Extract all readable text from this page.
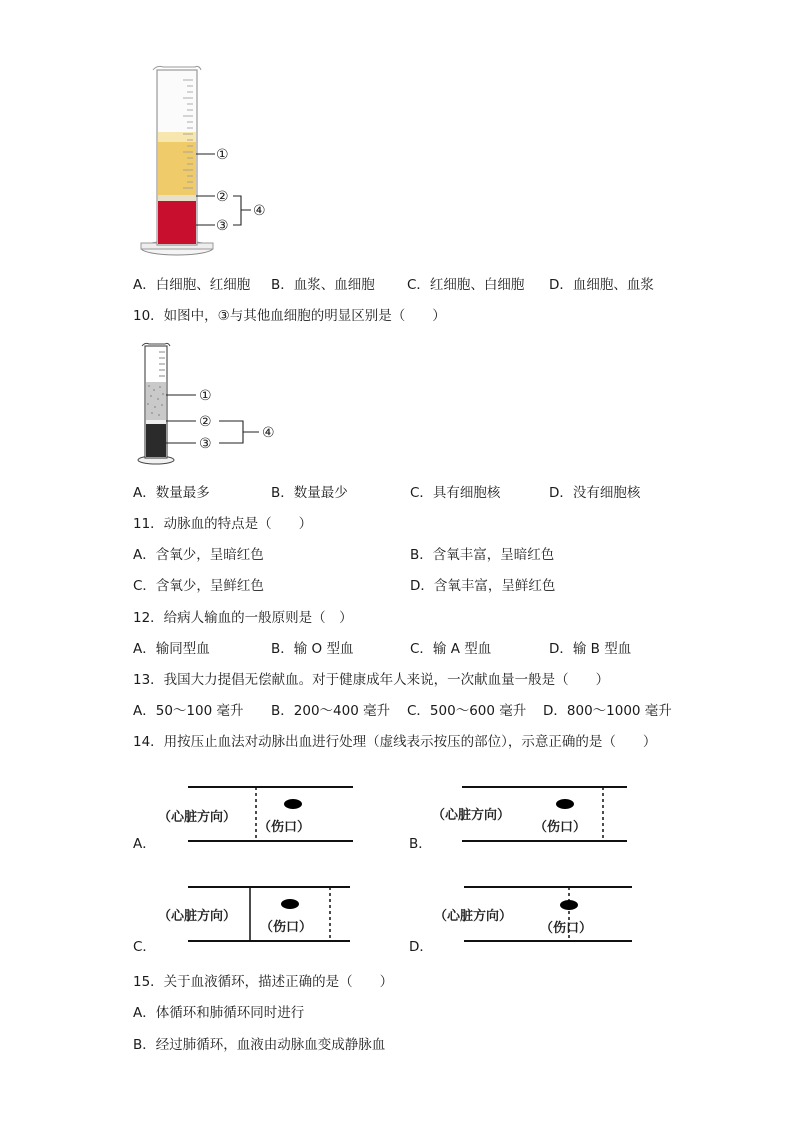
①
②
③
④
A．白细胞、红细胞 B．血浆、血细胞 C．红细胞、白细胞 D．血细胞、血浆
10．如图中，③与其他血细胞的明显区别是（　　）
①
②
③
④
A．数量最多	B．数量最少	C．具有细胞核	D．没有细胞核
11．动脉血的特点是（　　）
A．含氧少，呈暗红色	B．含氧丰富，呈暗红色
C．含氧少，呈鲜红色	D．含氧丰富，呈鲜红色
12．给病人输血的一般原则是（　）
A．输同型血	B．输 O 型血	C．输 A 型血	D．输 B 型血
13．我国大力提倡无偿献血。对于健康成年人来说，一次献血量一般是（　　）
A．50～100 毫升 B．200～400 毫升 C．500～600 毫升 D．800～1000 毫升
14．用按压止血法对动脉出血进行处理（虚线表示按压的部位），示意正确的是（　　）
A．
（心脏方向）
（伤口）
B．
（心脏方向）
（伤口）
C．
（心脏方向）
（伤口）
D．
（心脏方向）
（伤口）
15．关于血液循环，描述正确的是（　　）
A．体循环和肺循环同时进行
B．经过肺循环，血液由动脉血变成静脉血
